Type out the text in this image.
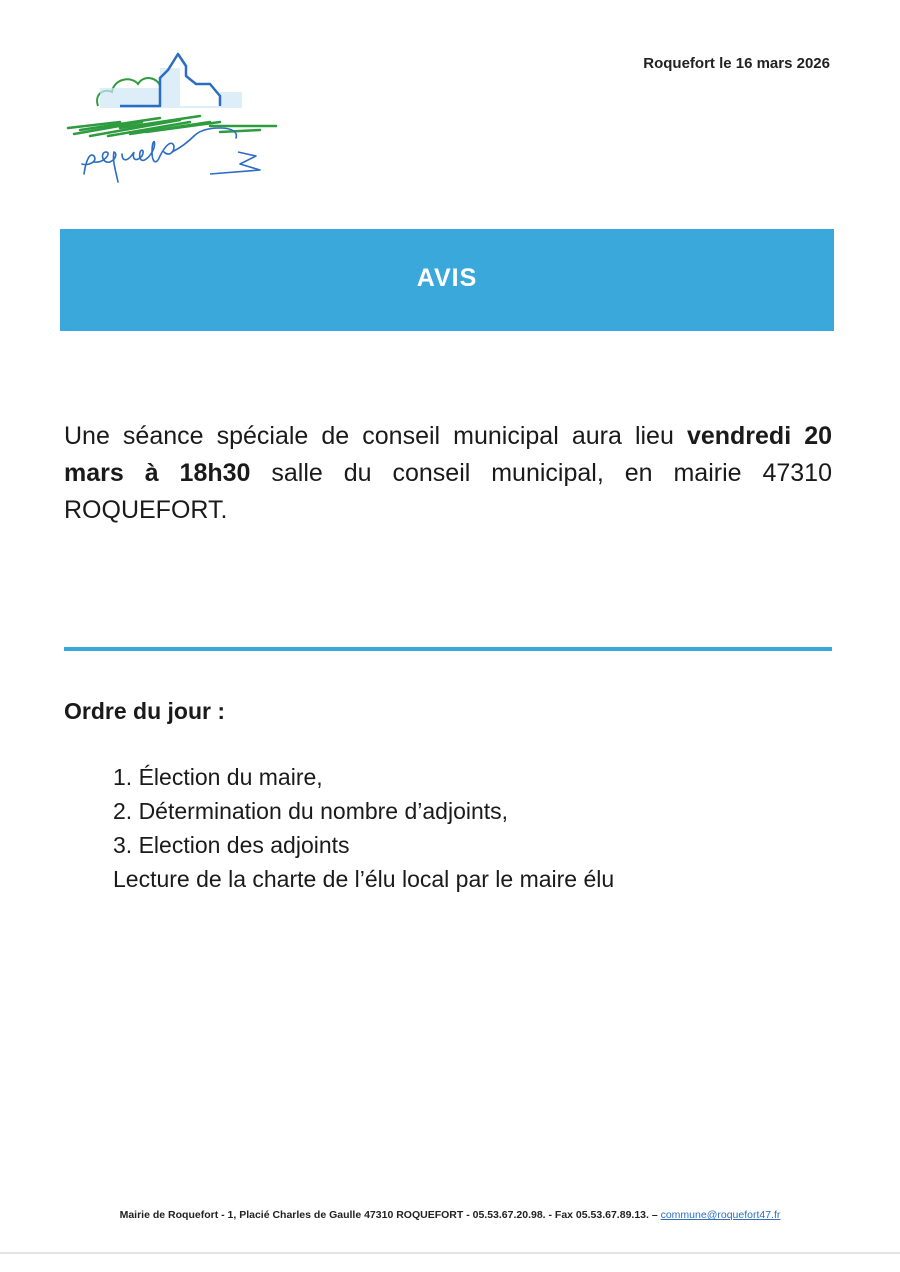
Roquefort le 16 mars 2026
AVIS
Une séance spéciale de conseil municipal aura lieu vendredi 20 mars à 18h30 salle du conseil municipal, en mairie 47310 ROQUEFORT.
Ordre du jour :
1. Élection du maire,
2. Détermination du nombre d’adjoints,
3. Election des adjoints
Lecture de la charte de l’élu local par le maire élu
Mairie de Roquefort - 1, Placié Charles de Gaulle 47310 ROQUEFORT - 05.53.67.20.98. - Fax 05.53.67.89.13. – commune@roquefort47.fr
